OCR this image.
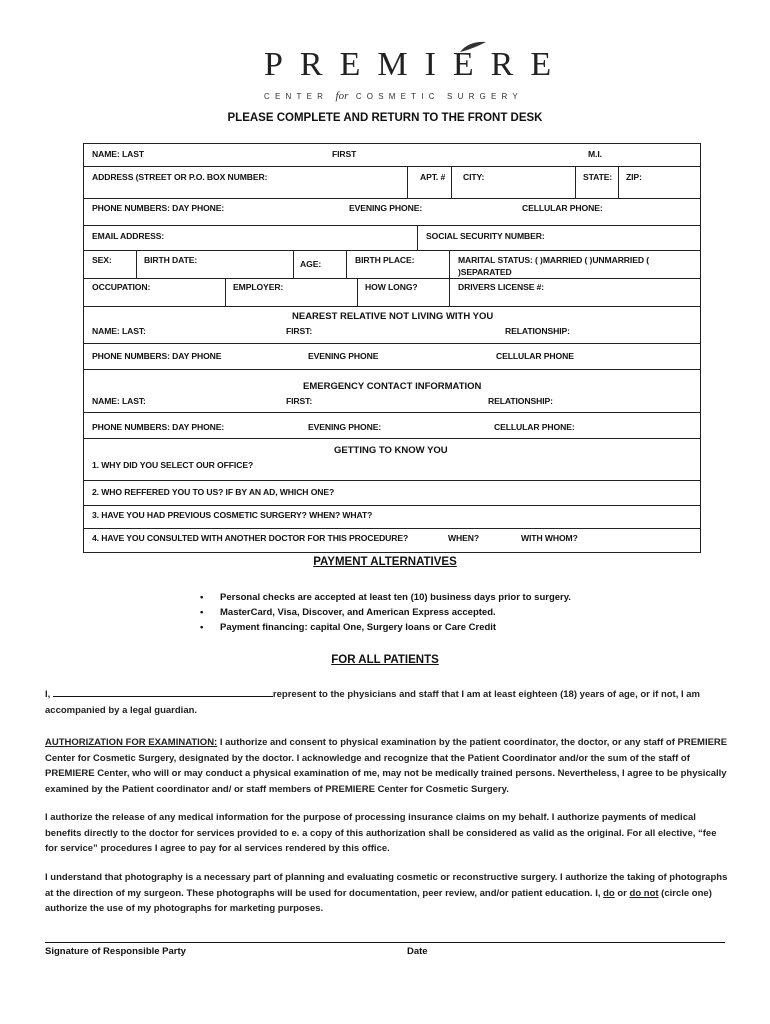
PREMIERE
CENTER for COSMETIC SURGERY
PLEASE COMPLETE AND RETURN TO THE FRONT DESK
NAME: LAST	FIRST	M.I.
ADDRESS (STREET OR P.O. BOX NUMBER:	APT. # CITY:	STATE: ZIP:
PHONE NUMBERS: DAY PHONE:	EVENING PHONE:	CELLULAR PHONE:
EMAIL ADDRESS:	SOCIAL SECURITY NUMBER:
SEX:	BIRTH DATE:	AGE:	BIRTH PLACE:	MARITAL STATUS: ( )MARRIED ( )UNMARRIED (
)SEPARATED
OCCUPATION:	EMPLOYER:	HOW LONG?	DRIVERS LICENSE #:
NEAREST RELATIVE NOT LIVING WITH YOU
NAME: LAST:	FIRST:	RELATIONSHIP:
PHONE NUMBERS: DAY PHONE	EVENING PHONE	CELLULAR PHONE
EMERGENCY CONTACT INFORMATION
NAME: LAST:	FIRST:	RELATIONSHIP:
PHONE NUMBERS: DAY PHONE:	EVENING PHONE:	CELLULAR PHONE:
GETTING TO KNOW YOU
1. WHY DID YOU SELECT OUR OFFICE?
2. WHO REFFERED YOU TO US? IF BY AN AD, WHICH ONE?
3. HAVE YOU HAD PREVIOUS COSMETIC SURGERY? WHEN? WHAT?
4. HAVE YOU CONSULTED WITH ANOTHER DOCTOR FOR THIS PROCEDURE?	WHEN?	WITH WHOM?
PAYMENT ALTERNATIVES
• Personal checks are accepted at least ten (10) business days prior to surgery.
• MasterCard, Visa, Discover, and American Express accepted.
• Payment financing: capital One, Surgery loans or Care Credit
FOR ALL PATIENTS
I,	represent to the physicians and staff that I am at least eighteen (18) years of age, or if not, I am accompanied by a legal guardian.
AUTHORIZATION FOR EXAMINATION: I authorize and consent to physical examination by the patient coordinator, the doctor, or any staff of PREMIERE Center for Cosmetic Surgery, designated by the doctor. I acknowledge and recognize that the Patient Coordinator and/or the sum of the staff of PREMIERE Center, who will or may conduct a physical examination of me, may not be medically trained persons. Nevertheless, I agree to be physically examined by the Patient coordinator and/ or staff members of PREMIERE Center for Cosmetic Surgery.
I authorize the release of any medical information for the purpose of processing insurance claims on my behalf. I authorize payments of medical benefits directly to the doctor for services provided to e. a copy of this authorization shall be considered as valid as the original. For all elective, “fee for service” procedures I agree to pay for al services rendered by this office.
I understand that photography is a necessary part of planning and evaluating cosmetic or reconstructive surgery. I authorize the taking of photographs at the direction of my surgeon. These photographs will be used for documentation, peer review, and/or patient education. I, do or do not (circle one) authorize the use of my photographs for marketing purposes.
Signature of Responsible Party	Date
